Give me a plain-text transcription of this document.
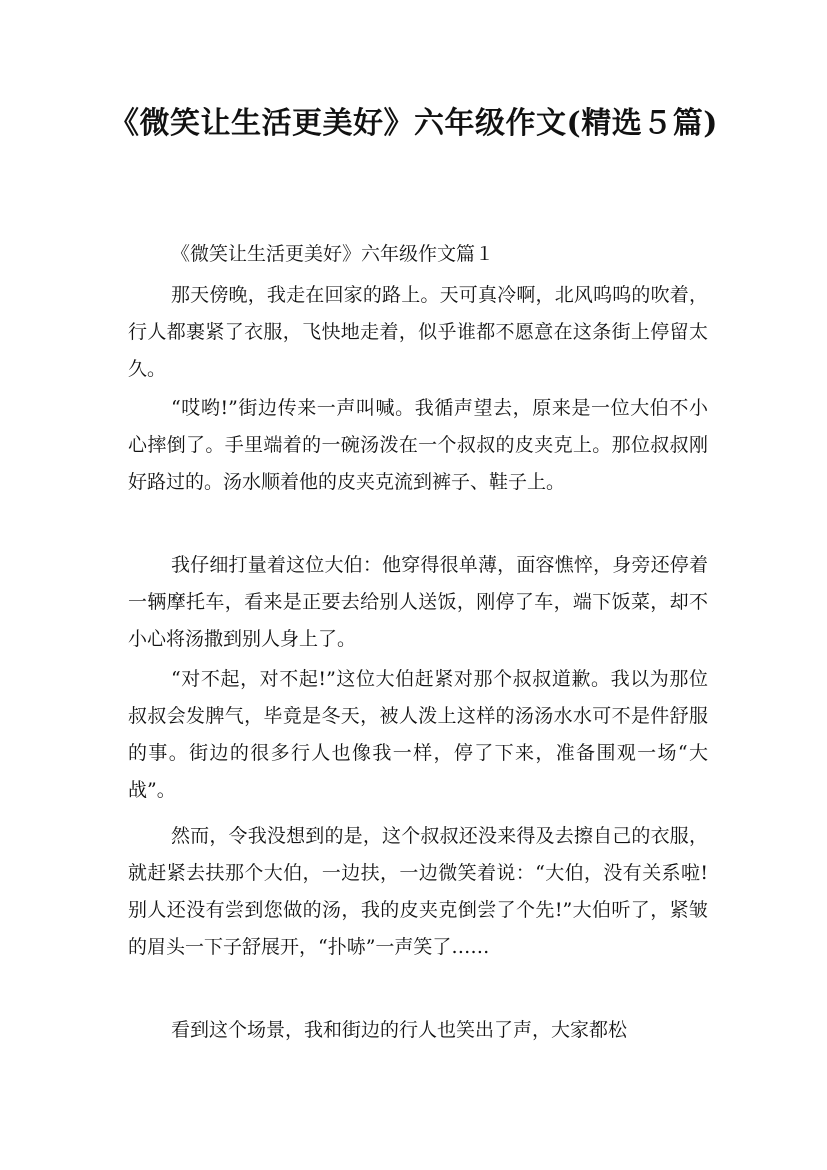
《微笑让生活更美好》六年级作文(精选５篇)
《微笑让生活更美好》六年级作文篇１

那天傍晚，我走在回家的路上。天可真冷啊，北风呜呜的吹着，行人都裹紧了衣服，飞快地走着，似乎谁都不愿意在这条街上停留太久。

“哎哟!”街边传来一声叫喊。我循声望去，原来是一位大伯不小心摔倒了。手里端着的一碗汤泼在一个叔叔的皮夹克上。那位叔叔刚好路过的。汤水顺着他的皮夹克流到裤子、鞋子上。

我仔细打量着这位大伯：他穿得很单薄，面容憔悴，身旁还停着一辆摩托车，看来是正要去给别人送饭，刚停了车，端下饭菜，却不小心将汤撒到别人身上了。

“对不起，对不起!”这位大伯赶紧对那个叔叔道歉。我以为那位叔叔会发脾气，毕竟是冬天，被人泼上这样的汤汤水水可不是件舒服的事。街边的很多行人也像我一样，停了下来，准备围观一场“大战”。

然而，令我没想到的是，这个叔叔还没来得及去擦自己的衣服，就赶紧去扶那个大伯，一边扶，一边微笑着说：“大伯，没有关系啦!别人还没有尝到您做的汤，我的皮夹克倒尝了个先!”大伯听了，紧皱的眉头一下子舒展开，“扑哧”一声笑了……

看到这个场景，我和街边的行人也笑出了声，大家都松
